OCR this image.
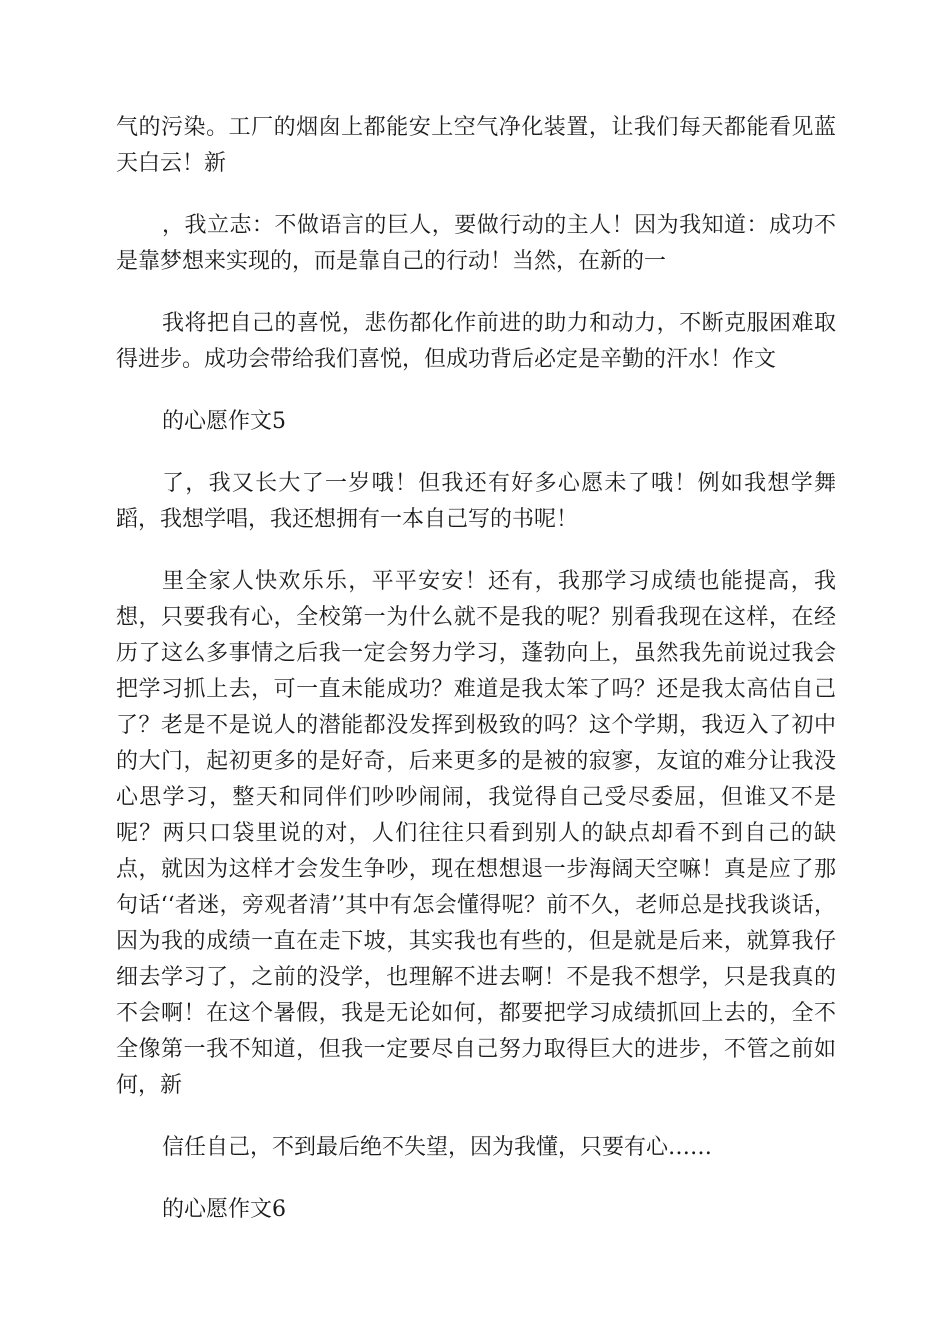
气的污染。工厂的烟囱上都能安上空气净化装置，让我们每天都能看见蓝天白云！新

，我立志：不做语言的巨人，要做行动的主人！因为我知道：成功不是靠梦想来实现的，而是靠自己的行动！当然，在新的一

我将把自己的喜悦，悲伤都化作前进的助力和动力，不断克服困难取得进步。成功会带给我们喜悦，但成功背后必定是辛勤的汗水！作文

的心愿作文5

了，我又长大了一岁哦！但我还有好多心愿未了哦！例如我想学舞蹈，我想学唱，我还想拥有一本自己写的书呢！

里全家人快欢乐乐，平平安安！还有，我那学习成绩也能提高，我想，只要我有心，全校第一为什么就不是我的呢？别看我现在这样，在经历了这么多事情之后我一定会努力学习，蓬勃向上，虽然我先前说过我会把学习抓上去，可一直未能成功？难道是我太笨了吗？还是我太高估自己了？老是不是说人的潜能都没发挥到极致的吗？这个学期，我迈入了初中的大门，起初更多的是好奇，后来更多的是被的寂寥，友谊的难分让我没心思学习，整天和同伴们吵吵闹闹，我觉得自己受尽委屈，但谁又不是呢？两只口袋里说的对，人们往往只看到别人的缺点却看不到自己的缺点，就因为这样才会发生争吵，现在想想退一步海阔天空嘛！真是应了那句话‘‘者迷，旁观者清’’其中有怎会懂得呢？前不久，老师总是找我谈话，因为我的成绩一直在走下坡，其实我也有些的，但是就是后来，就算我仔细去学习了，之前的没学，也理解不进去啊！不是我不想学，只是我真的不会啊！在这个暑假，我是无论如何，都要把学习成绩抓回上去的，全不全像第一我不知道，但我一定要尽自己努力取得巨大的进步，不管之前如何，新

信任自己，不到最后绝不失望，因为我懂，只要有心……

的心愿作文6
